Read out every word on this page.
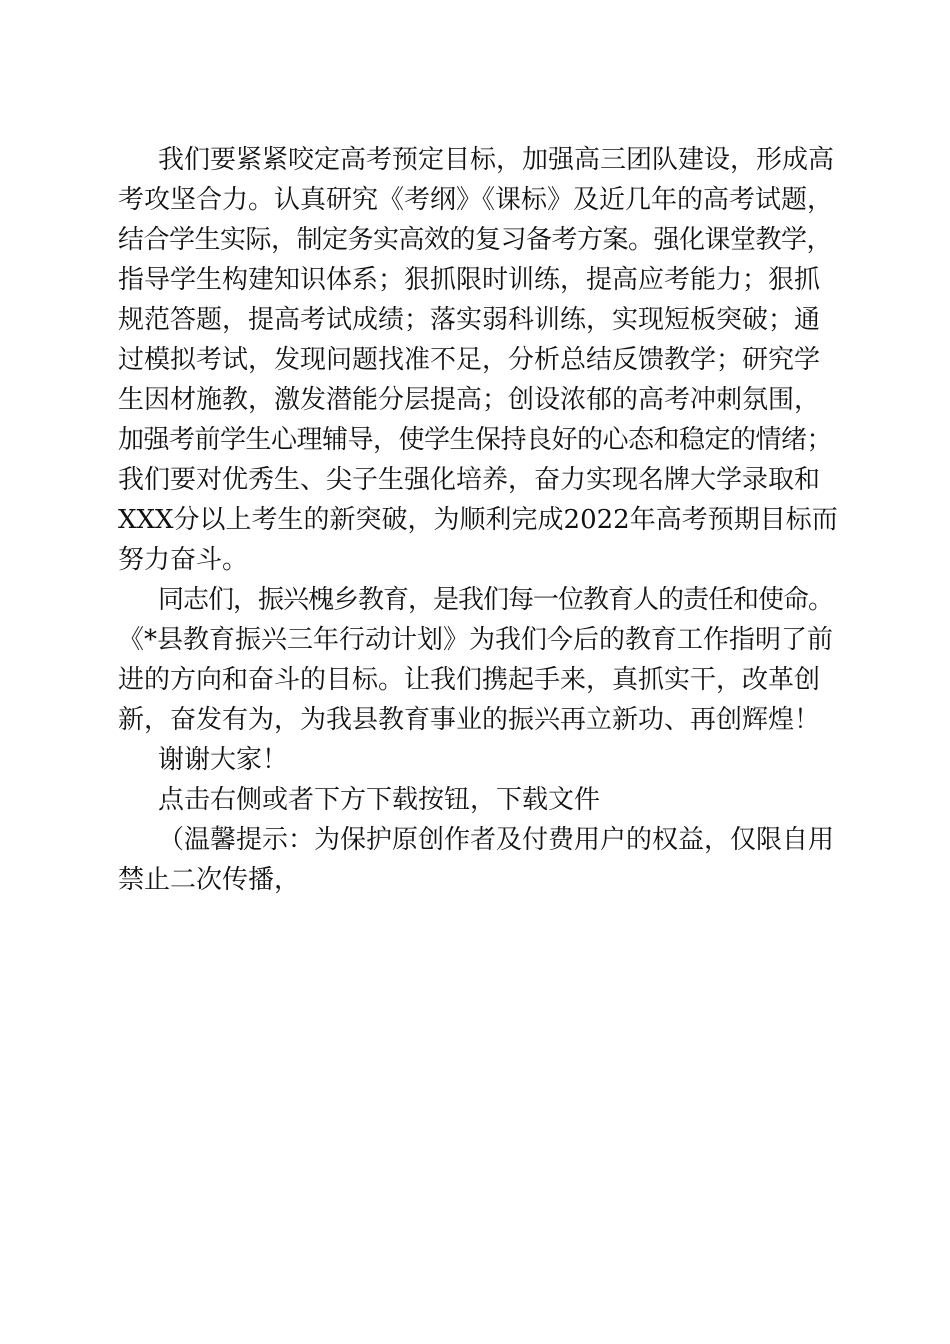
我们要紧紧咬定高考预定目标，加强高三团队建设，形成高
考攻坚合力。认真研究《考纲》《课标》及近几年的高考试题，
结合学生实际，制定务实高效的复习备考方案。强化课堂教学，
指导学生构建知识体系；狠抓限时训练，提高应考能力；狠抓
规范答题，提高考试成绩；落实弱科训练，实现短板突破；通
过模拟考试，发现问题找准不足，分析总结反馈教学；研究学
生因材施教，激发潜能分层提高；创设浓郁的高考冲刺氛围，
加强考前学生心理辅导，使学生保持良好的心态和稳定的情绪；
我们要对优秀生、尖子生强化培养，奋力实现名牌大学录取和
XXX分以上考生的新突破，为顺利完成2022年高考预期目标而
努力奋斗。

同志们，振兴槐乡教育，是我们每一位教育人的责任和使命。
《*县教育振兴三年行动计划》为我们今后的教育工作指明了前
进的方向和奋斗的目标。让我们携起手来，真抓实干，改革创
新，奋发有为，为我县教育事业的振兴再立新功、再创辉煌！

谢谢大家！

点击右侧或者下方下载按钮，下载文件

（温馨提示：为保护原创作者及付费用户的权益，仅限自用
禁止二次传播，
